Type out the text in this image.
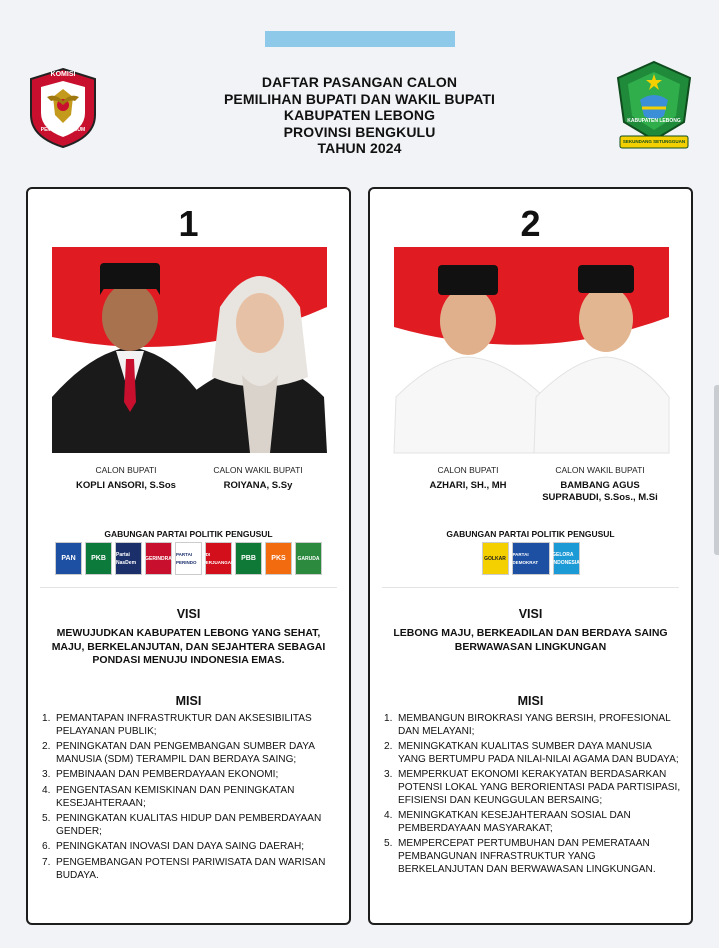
KOMISI
PEMILIHAN UMUM
KABUPATEN LEBONG
SEKUNDANG SETUNGGUAN
DAFTAR PASANGAN CALON
PEMILIHAN BUPATI DAN WAKIL BUPATI
KABUPATEN LEBONG
PROVINSI BENGKULU
TAHUN 2024
1
CALON BUPATI
KOPLI ANSORI, S.Sos
CALON WAKIL BUPATI
ROIYANA, S.Sy
GABUNGAN PARTAI POLITIK PENGUSUL
PAN PKB Partai NasDem
GERINDRA
PARTAI PERINDO
PDI PERJUANGAN
PBB PKS GARUDA
VISI
MEWUJUDKAN KABUPATEN LEBONG YANG SEHAT, MAJU, BERKELANJUTAN, DAN SEJAHTERA SEBAGAI PONDASI MENUJU INDONESIA EMAS.
MISI
1. PEMANTAPAN INFRASTRUKTUR DAN AKSESIBILITAS PELAYANAN PUBLIK;
2. PENINGKATAN DAN PENGEMBANGAN SUMBER DAYA MANUSIA (SDM) TERAMPIL DAN BERDAYA SAING;
3. PEMBINAAN DAN PEMBERDAYAAN EKONOMI;
4. PENGENTASAN KEMISKINAN DAN PENINGKATAN KESEJAHTERAAN;
5. PENINGKATAN KUALITAS HIDUP DAN PEMBERDAYAAN GENDER;
6. PENINGKATAN INOVASI DAN DAYA SAING DAERAH;
7. PENGEMBANGAN POTENSI PARIWISATA DAN WARISAN BUDAYA.
2
CALON BUPATI
AZHARI, SH., MH
CALON WAKIL BUPATI
BAMBANG AGUS SUPRABUDI, S.Sos., M.Si
GABUNGAN PARTAI POLITIK PENGUSUL
GOLKAR
PARTAI DEMOKRAT
GELORA INDONESIA
VISI
LEBONG MAJU, BERKEADILAN DAN BERDAYA SAING BERWAWASAN LINGKUNGAN
MISI
1. MEMBANGUN BIROKRASI YANG BERSIH, PROFESIONAL DAN MELAYANI;
2. MENINGKATKAN KUALITAS SUMBER DAYA MANUSIA YANG BERTUMPU PADA NILAI-NILAI AGAMA DAN BUDAYA;
3. MEMPERKUAT EKONOMI KERAKYATAN BERDASARKAN POTENSI LOKAL YANG BERORIENTASI PADA PARTISIPASI, EFISIENSI DAN KEUNGGULAN BERSAING;
4. MENINGKATKAN KESEJAHTERAAN SOSIAL DAN PEMBERDAYAAN MASYARAKAT;
5. MEMPERCEPAT PERTUMBUHAN DAN PEMERATAAN PEMBANGUNAN INFRASTRUKTUR YANG BERKELANJUTAN DAN BERWAWASAN LINGKUNGAN.
